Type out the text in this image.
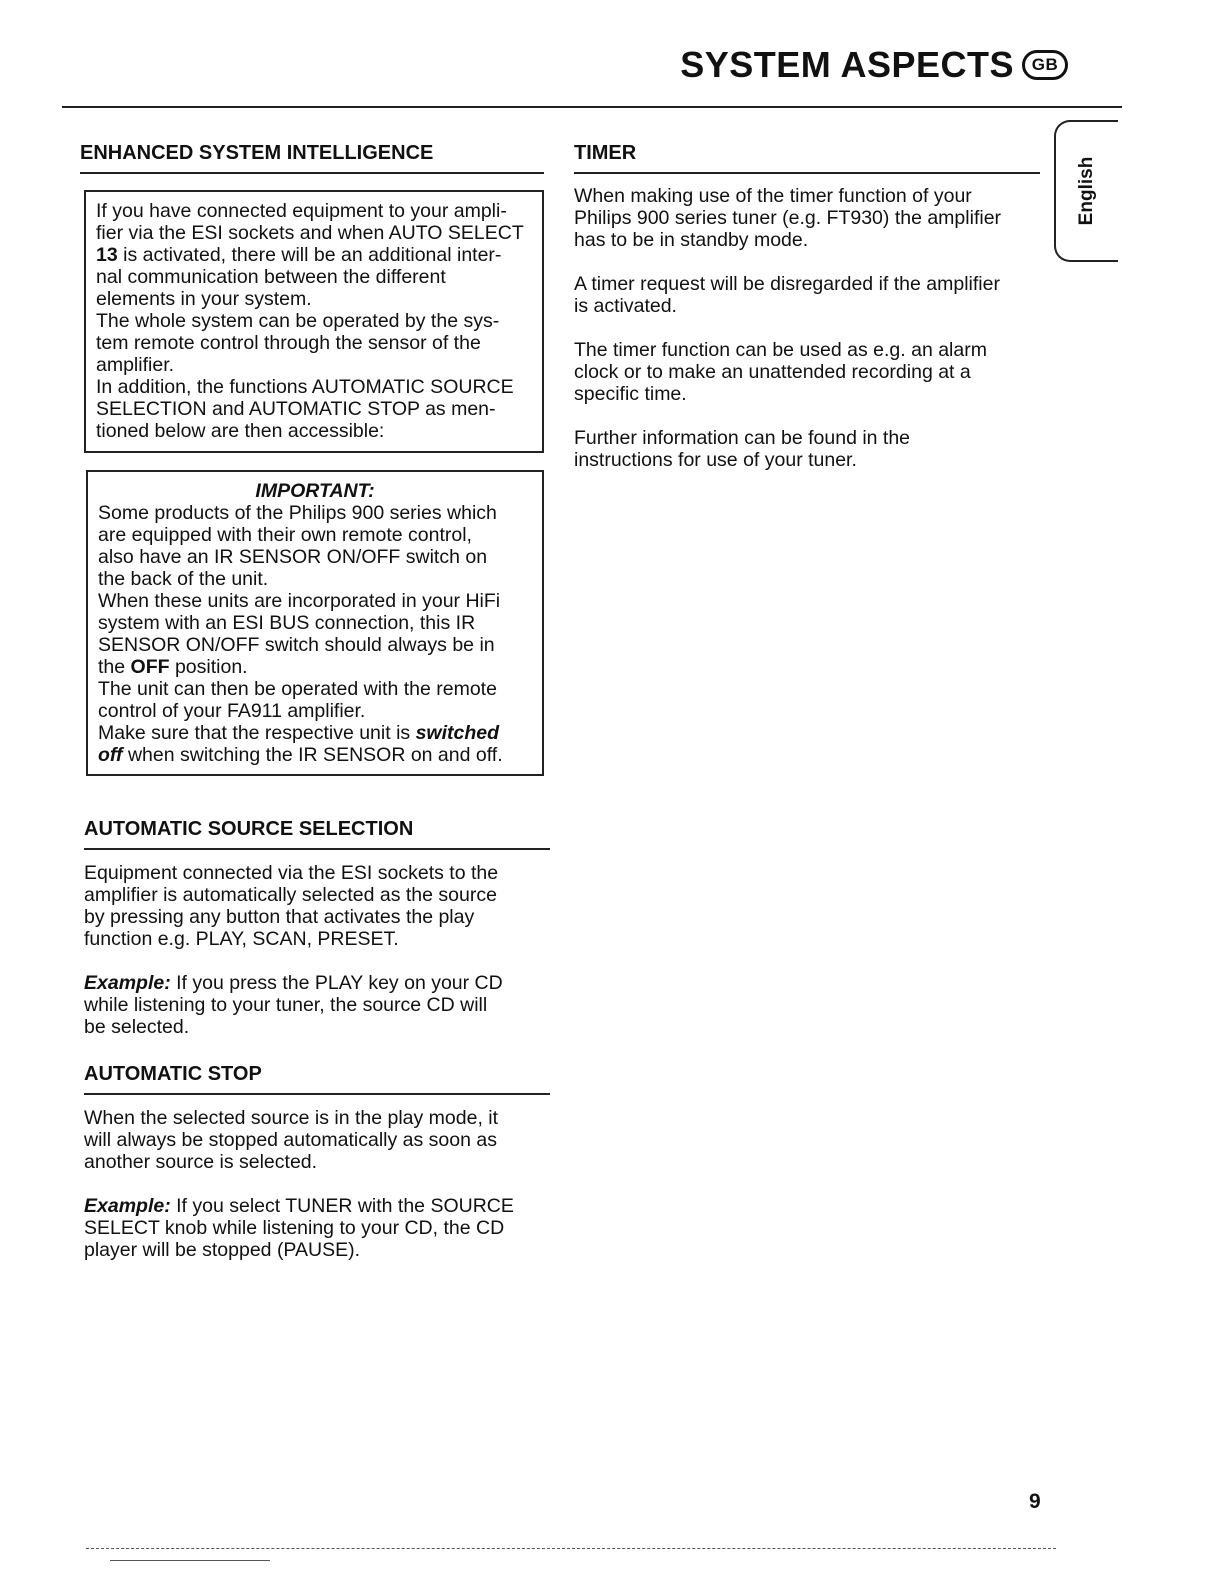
SYSTEM ASPECTS	GB
English
ENHANCED SYSTEM INTELLIGENCE
If you have connected equipment to your ampli-
fier via the ESI sockets and when AUTO SELECT
13 is activated, there will be an additional inter-
nal communication between the different
elements in your system.
The whole system can be operated by the sys-
tem remote control through the sensor of the
amplifier.
In addition, the functions AUTOMATIC SOURCE
SELECTION and AUTOMATIC STOP as men-
tioned below are then accessible:
IMPORTANT:
Some products of the Philips 900 series which
are equipped with their own remote control,
also have an IR SENSOR ON/OFF switch on
the back of the unit.
When these units are incorporated in your HiFi
system with an ESI BUS connection, this IR
SENSOR ON/OFF switch should always be in
the OFF position.
The unit can then be operated with the remote
control of your FA911 amplifier.
Make sure that the respective unit is switched
off when switching the IR SENSOR on and off.
AUTOMATIC SOURCE SELECTION
Equipment connected via the ESI sockets to the
amplifier is automatically selected as the source
by pressing any button that activates the play
function e.g. PLAY, SCAN, PRESET.
Example: If you press the PLAY key on your CD
while listening to your tuner, the source CD will
be selected.
AUTOMATIC STOP
When the selected source is in the play mode, it
will always be stopped automatically as soon as
another source is selected.
Example: If you select TUNER with the SOURCE
SELECT knob while listening to your CD, the CD
player will be stopped (PAUSE).
TIMER
When making use of the timer function of your
Philips 900 series tuner (e.g. FT930) the amplifier
has to be in standby mode.
A timer request will be disregarded if the amplifier
is activated.
The timer function can be used as e.g. an alarm
clock or to make an unattended recording at a
specific time.
Further information can be found in the
instructions for use of your tuner.
9
